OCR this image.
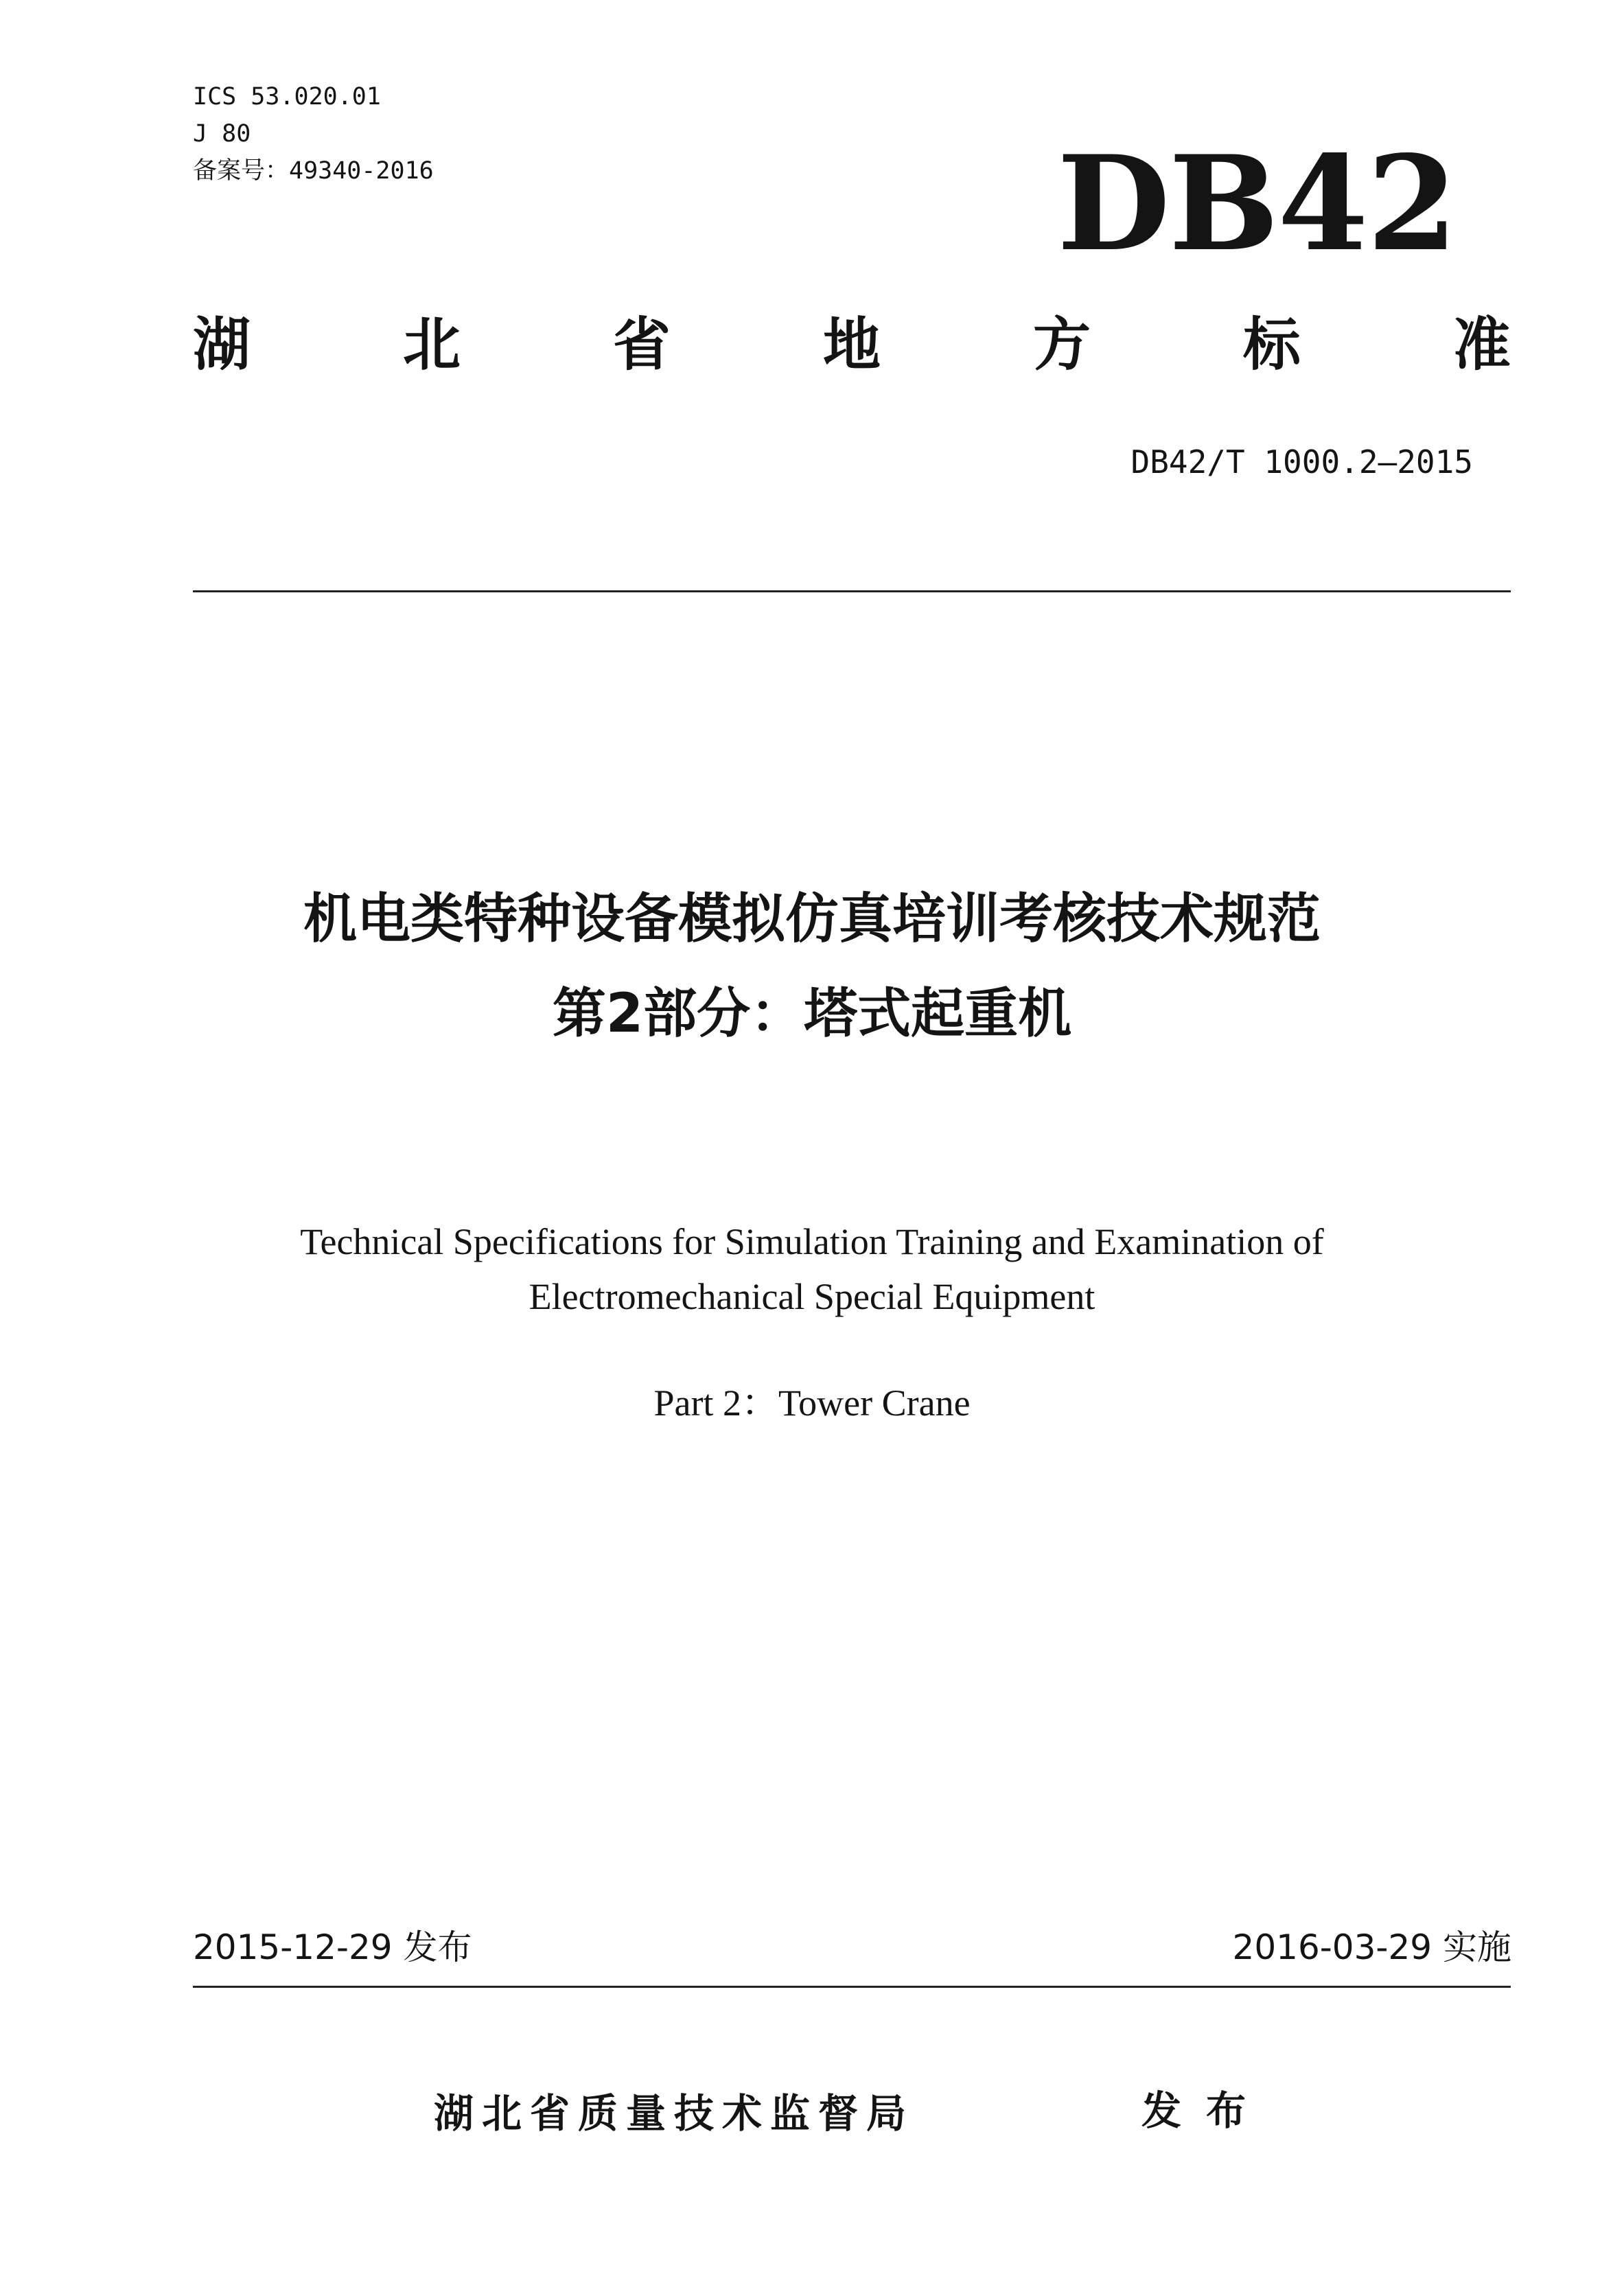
ICS 53.020.01
J 80
备案号：49340-2016	DB42
湖	北	省	地	方	标	准
DB42/T 1000.2—2015
机电类特种设备模拟仿真培训考核技术规范
第2部分：塔式起重机
Technical Specifications for Simulation Training and Examination of
Electromechanical Special Equipment
Part 2：Tower Crane
2015-12-29 发布	2016-03-29 实施
湖北省质量技术监督局	发布
